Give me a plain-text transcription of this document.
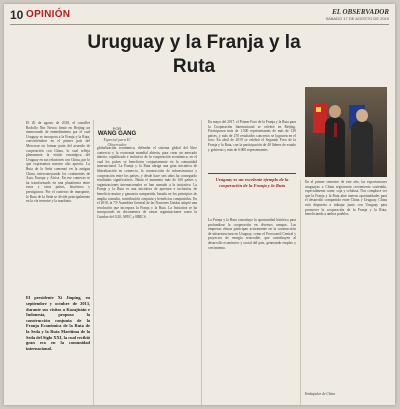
10 OPINIÓN	EL OBSERVADOR
SÁBADO 17 DE AGOSTO DE 2019
Uruguay y la Franja y la Ruta
POR
WANG GANG
Especial para El Observador

El 20 de agosto de 2018, el canciller Rodolfo Nin Novoa firmó en Beijing un memorando de entendimiento por el cual Uruguay se incorpora a la Franja y la Ruta, convirtiéndose en el primer país del Mercosur en formar parte del acuerdo de cooperación con China, lo cual refleja plenamente la visión estratégica del Uruguay en sus relaciones con China, por lo que expresamos nuestro alto aprecio. La Ruta de la Seda comenzó en la antigua China, interconectando los continentes de Asia, Europa y África. En ese contexto se ha transformado en una plataforma entre estos y otros países, históricos y prestigiosos. Por el contexto de transporte, la Ruta de la Seda se divide principalmente en la vía terrestre y la marítima.

El presidente Xi Jinping, en septiembre y octubre de 2013, durante sus visitas a Kazajistán e Indonesia, propuso la construcción conjunta de la Franja Económica de la Ruta de la Seda y la Ruta Marítima de la Seda del Siglo XXI, la cual recibió gran eco en la comunidad internacional.

globalización económica, defender el sistema global del libre comercio y la economía mundial abierta, para crear un mercado abierto, equilibrado e inclusivo de la cooperación económica, en el cual los países se beneficien conjuntamente en la comunidad internacional. La Franja y la Ruta abriga una gran iniciativa de liberalización en comercio, la construcción de infraestructura y cooperación entre los países, y desde hace seis años ha conseguido resultados significativos. Hasta el momento más de 160 países y organizaciones internacionales se han sumado a la iniciativa. La Franja y la Ruta es una iniciativa de apertura e inclusión, de beneficio mutuo y ganancia compartida, basada en los principios de amplia consulta, contribución conjunta y beneficios compartidos. En el 2018, la 73ª Asamblea General de las Naciones Unidas adoptó una resolución que incorpora la Franja y la Ruta. La Iniciativa se ha incorporado en documentos de varias organizaciones como la Cumbre del G20, APEC y BRICS.

En mayo del 2017, el Primer Foro de la Franja y la Ruta para la Cooperación Internacional se celebró en Beijing. Participaron más de 1.500 representantes de más de 130 países, y más de 270 resultados concretos se lograron en el foro. En abril de 2019 se celebró el Segundo Foro de la Franja y la Ruta, con la participación de 40 líderes de estado y gobierno y más de 6.000 representantes.

Uruguay es un excelente ejemplo de la cooperación de la Franja y la Ruta

La Franja y la Ruta constituye la oportunidad histórica para profundizar la cooperación en diversos campos. Las empresas chinas participan activamente en la construcción de infraestructura en Uruguay, como el Ferrocarril Central y proyectos de energía renovable, que contribuyen al desarrollo económico y social del país, generando empleo y crecimiento.

En el primer semestre de este año, las exportaciones uruguayas a China registraron crecimiento sostenido, especialmente carne, soja y celulosa. Nos complace ver que la Franja y la Ruta abre nuevas oportunidades para el desarrollo compartido entre China y Uruguay. China está dispuesta a trabajar junto con Uruguay para promover la cooperación de la Franja y la Ruta, beneficiando a ambos pueblos.

Embajador de China
